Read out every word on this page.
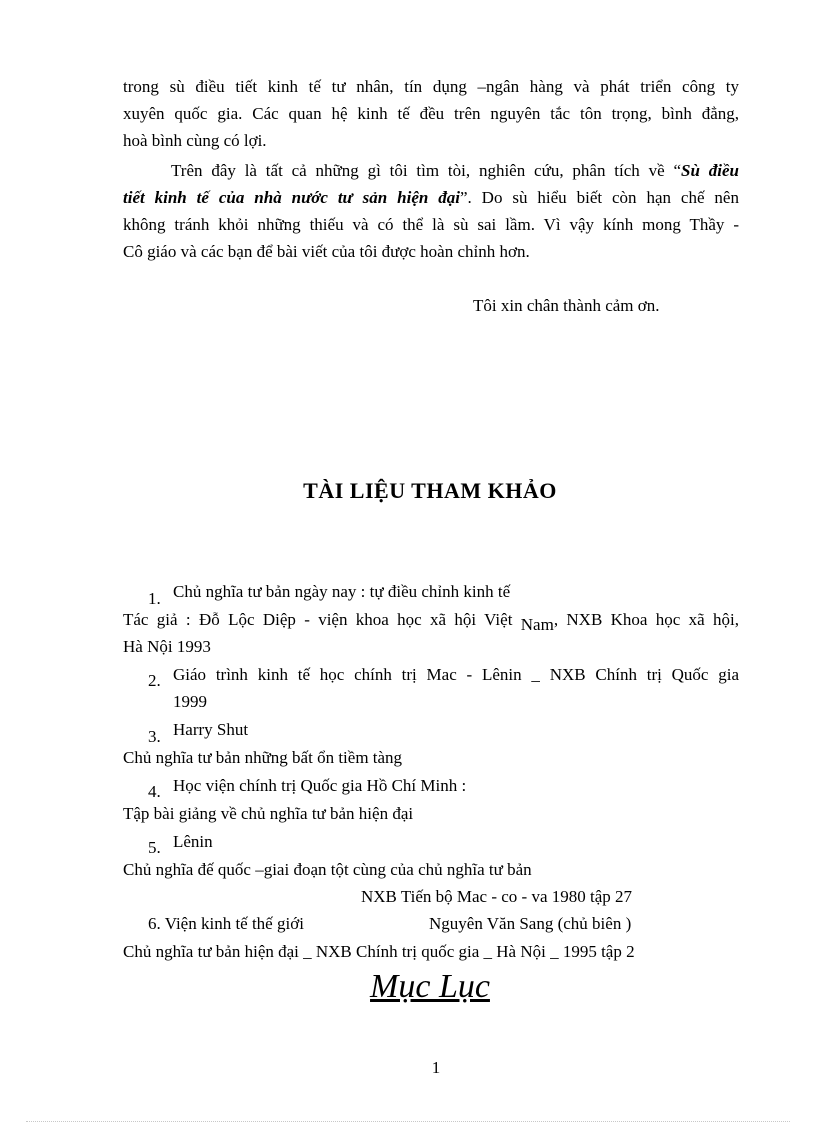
trong sù điều tiết kinh tế tư nhân, tín dụng –ngân hàng và phát triển công ty
xuyên quốc gia. Các quan hệ kinh tế đều trên nguyên tắc tôn trọng, bình đẳng,
hoà bình cùng có lợi.
Trên đây là tất cả những gì tôi tìm tòi, nghiên cứu, phân tích về “Sù điều
tiết kinh tế của nhà nước tư sản hiện đại”. Do sù hiểu biết còn hạn chế nên
không tránh khỏi những thiếu và có thể là sù sai lầm. Vì vậy kính mong Thầy -
Cô giáo và các bạn để bài viết của tôi được hoàn chỉnh hơn.
Tôi xin chân thành cảm ơn.
TÀI LIỆU THAM KHẢO
1. Chủ nghĩa tư bản ngày nay : tự điều chỉnh kinh tế
Tác giả : Đỗ Lộc Diệp - viện khoa học xã hội Việt Nam, NXB Khoa học xã hội,
Hà Nội 1993
2. Giáo trình kinh tế học chính trị Mac - Lênin _ NXB Chính trị Quốc gia
1999
3. Harry Shut
Chủ nghĩa tư bản những bất ổn tiềm tàng
4. Học viện chính trị Quốc gia Hồ Chí Minh :
Tập bài giảng về chủ nghĩa tư bản hiện đại
5. Lênin
Chủ nghĩa đế quốc –giai đoạn tột cùng của chủ nghĩa tư bản
NXB Tiến bộ Mac - co - va 1980 tập 27
6. Viện kinh tế thế giới	Nguyên Văn Sang (chủ biên )
Chủ nghĩa tư bản hiện đại _ NXB Chính trị quốc gia _ Hà Nội _ 1995 tập 2
Mục Lục
1
